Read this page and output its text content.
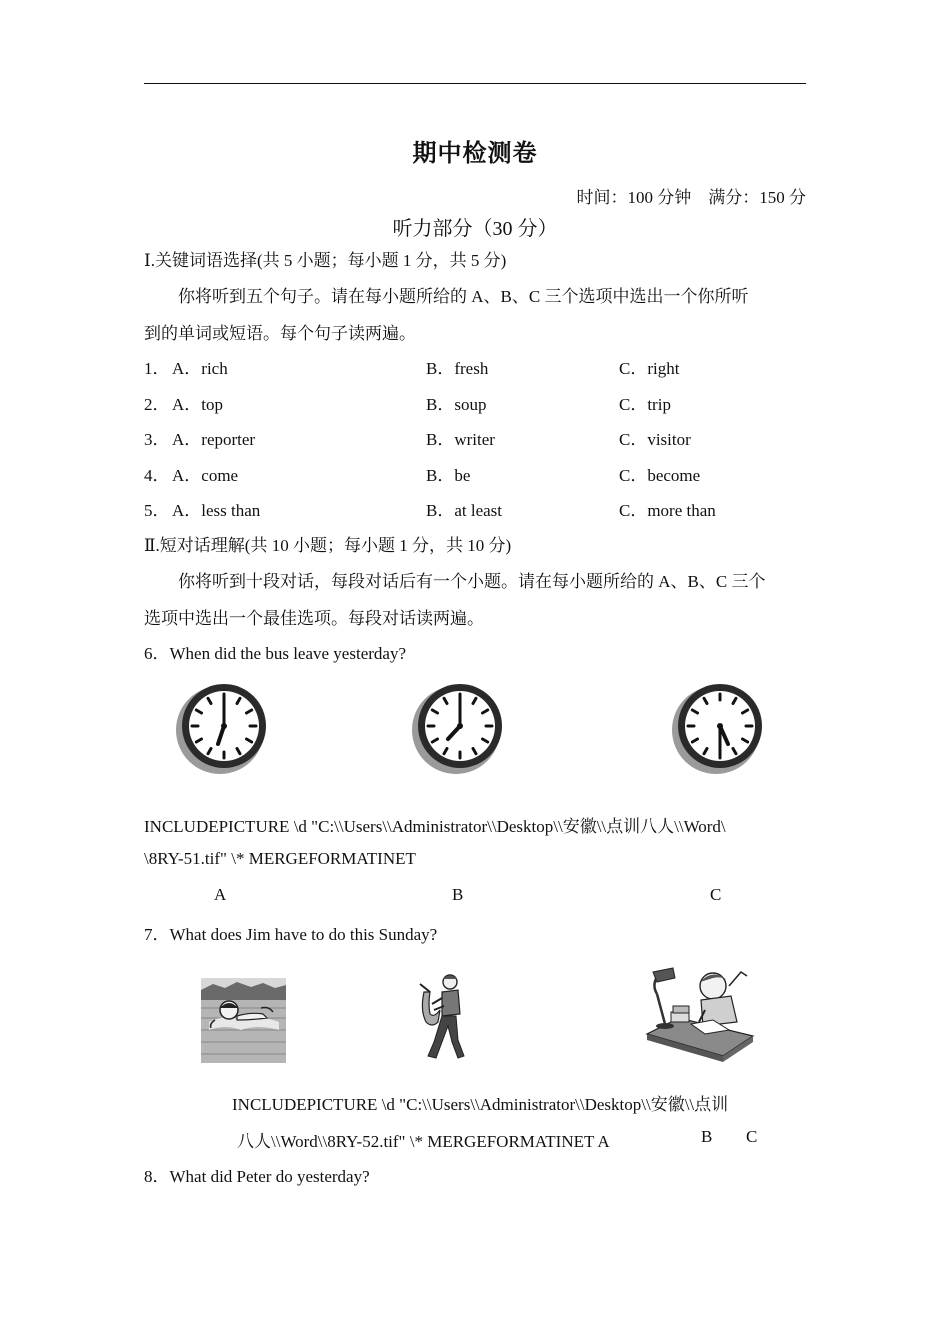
期中检测卷
时间：100 分钟　满分：150 分
听力部分（30 分）
Ⅰ.关键词语选择(共 5 小题；每小题 1 分，共 5 分)
你将听到五个句子。请在每小题所给的 A、B、C 三个选项中选出一个你所听
到的单词或短语。每个句子读两遍。
1． A．rich	B．fresh	C．right
2． A．top	B．soup	C．trip
3． A．reporter	B．writer	C．visitor
4． A．come	B．be	C．become
5． A．less than	B．at least	C．more than
Ⅱ.短对话理解(共 10 小题；每小题 1 分，共 10 分)
你将听到十段对话，每段对话后有一个小题。请在每小题所给的 A、B、C 三个
选项中选出一个最佳选项。每段对话读两遍。
6．When did the bus leave yesterday?
INCLUDEPICTURE \d "C:\\Users\\Administrator\\Desktop\\安徽\\点训八人\\Word\
\8RY-51.tif" \* MERGEFORMATINET
A	B	C
7．What does Jim have to do this Sunday?
INCLUDEPICTURE \d "C:\\Users\\Administrator\\Desktop\\安徽\\点训
八人\\Word\\8RY-52.tif" \* MERGEFORMATINET A	B C
8．What did Peter do yesterday?
